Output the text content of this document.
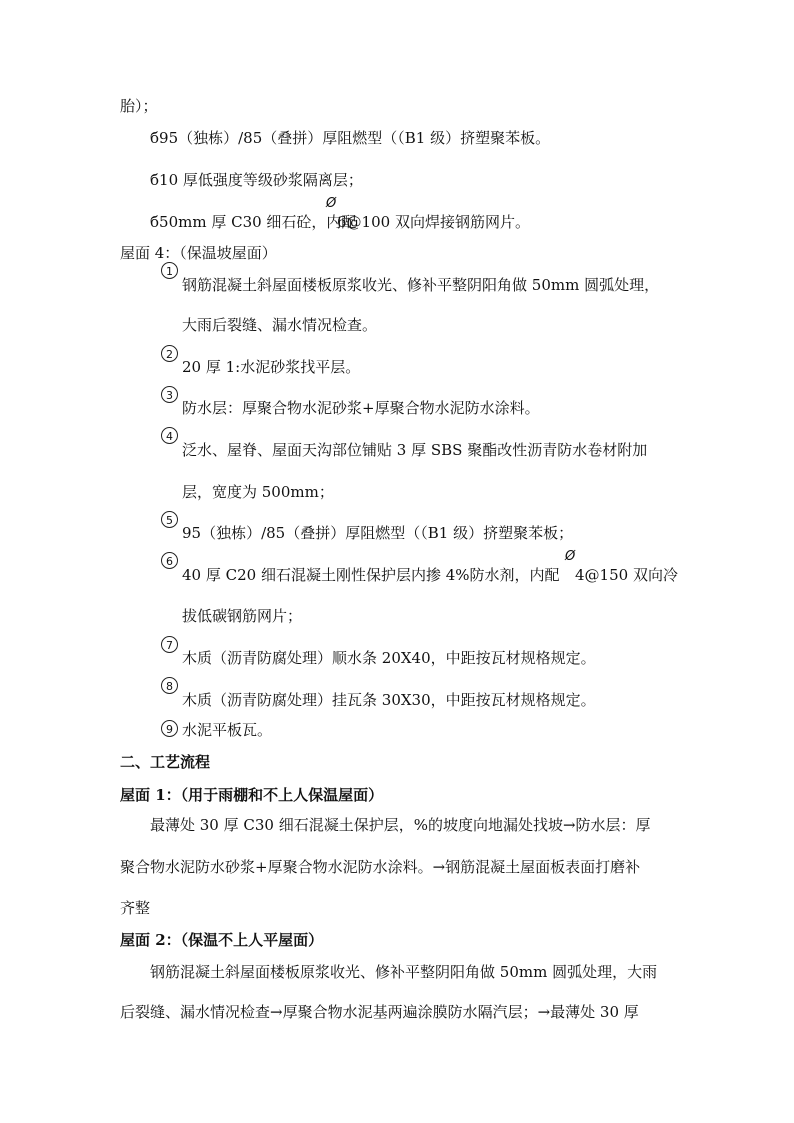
胎）；
б95（独栋）/85（叠拼）厚阻燃型（（B1 级）挤塑聚苯板。
б10 厚低强度等级砂浆隔离层；
б50mm 厚 C30 细石砼，内配
Ø
6@100 双向焊接钢筋网片。
屋面 4：（保温坡屋面）
1
钢筋混凝土斜屋面楼板原浆收光、修补平整阴阳角做 50mm 圆弧处理，
大雨后裂缝、漏水情况检查。
2
20 厚 1:水泥砂浆找平层。
3
防水层：厚聚合物水泥砂浆+厚聚合物水泥防水涂料。
4
泛水、屋脊、屋面天沟部位铺贴 3 厚 SBS 聚酯改性沥青防水卷材附加
层，宽度为 500mm；
5
95（独栋）/85（叠拼）厚阻燃型（（B1 级）挤塑聚苯板；
6
40 厚 C20 细石混凝土刚性保护层内掺 4%防水剂，内配
Ø
4@150 双向冷
拔低碳钢筋网片；
7
木质（沥青防腐处理）顺水条 20X40，中距按瓦材规格规定。
8
木质（沥青防腐处理）挂瓦条 30X30，中距按瓦材规格规定。
9 水泥平板瓦。
二、工艺流程
屋面 1：（用于雨棚和不上人保温屋面）
最薄处 30 厚 C30 细石混凝土保护层，%的坡度向地漏处找坡→防水层：厚
聚合物水泥防水砂浆+厚聚合物水泥防水涂料。→钢筋混凝土屋面板表面打磨补
齐整
屋面 2：（保温不上人平屋面）
钢筋混凝土斜屋面楼板原浆收光、修补平整阴阳角做 50mm 圆弧处理，大雨
后裂缝、漏水情况检查→厚聚合物水泥基两遍涂膜防水隔汽层；→最薄处 30 厚
